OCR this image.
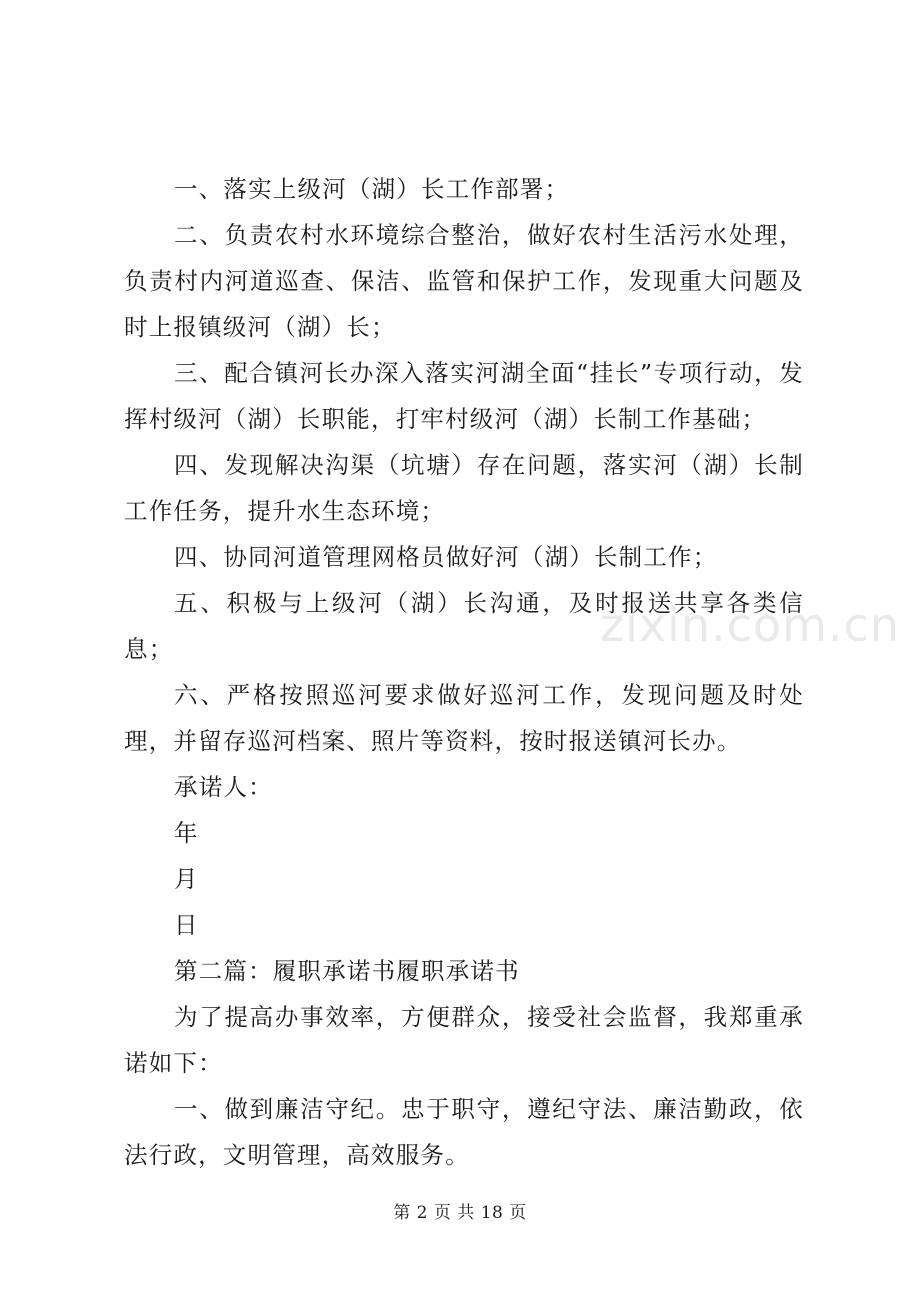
zixin.com.cn

一、落实上级河（湖）长工作部署；

二、负责农村水环境综合整治，做好农村生活污水处理，负责村内河道巡查、保洁、监管和保护工作，发现重大问题及时上报镇级河（湖）长；

三、配合镇河长办深入落实河湖全面“挂长”专项行动，发挥村级河（湖）长职能，打牢村级河（湖）长制工作基础；

四、发现解决沟渠（坑塘）存在问题，落实河（湖）长制工作任务，提升水生态环境；

四、协同河道管理网格员做好河（湖）长制工作；

五、积极与上级河（湖）长沟通，及时报送共享各类信息；

六、严格按照巡河要求做好巡河工作，发现问题及时处理，并留存巡河档案、照片等资料，按时报送镇河长办。

承诺人：

年

月

日

第二篇：履职承诺书履职承诺书

为了提高办事效率，方便群众，接受社会监督，我郑重承诺如下：

一、做到廉洁守纪。忠于职守，遵纪守法、廉洁勤政，依法行政，文明管理，高效服务。

第 2 页 共 18 页
